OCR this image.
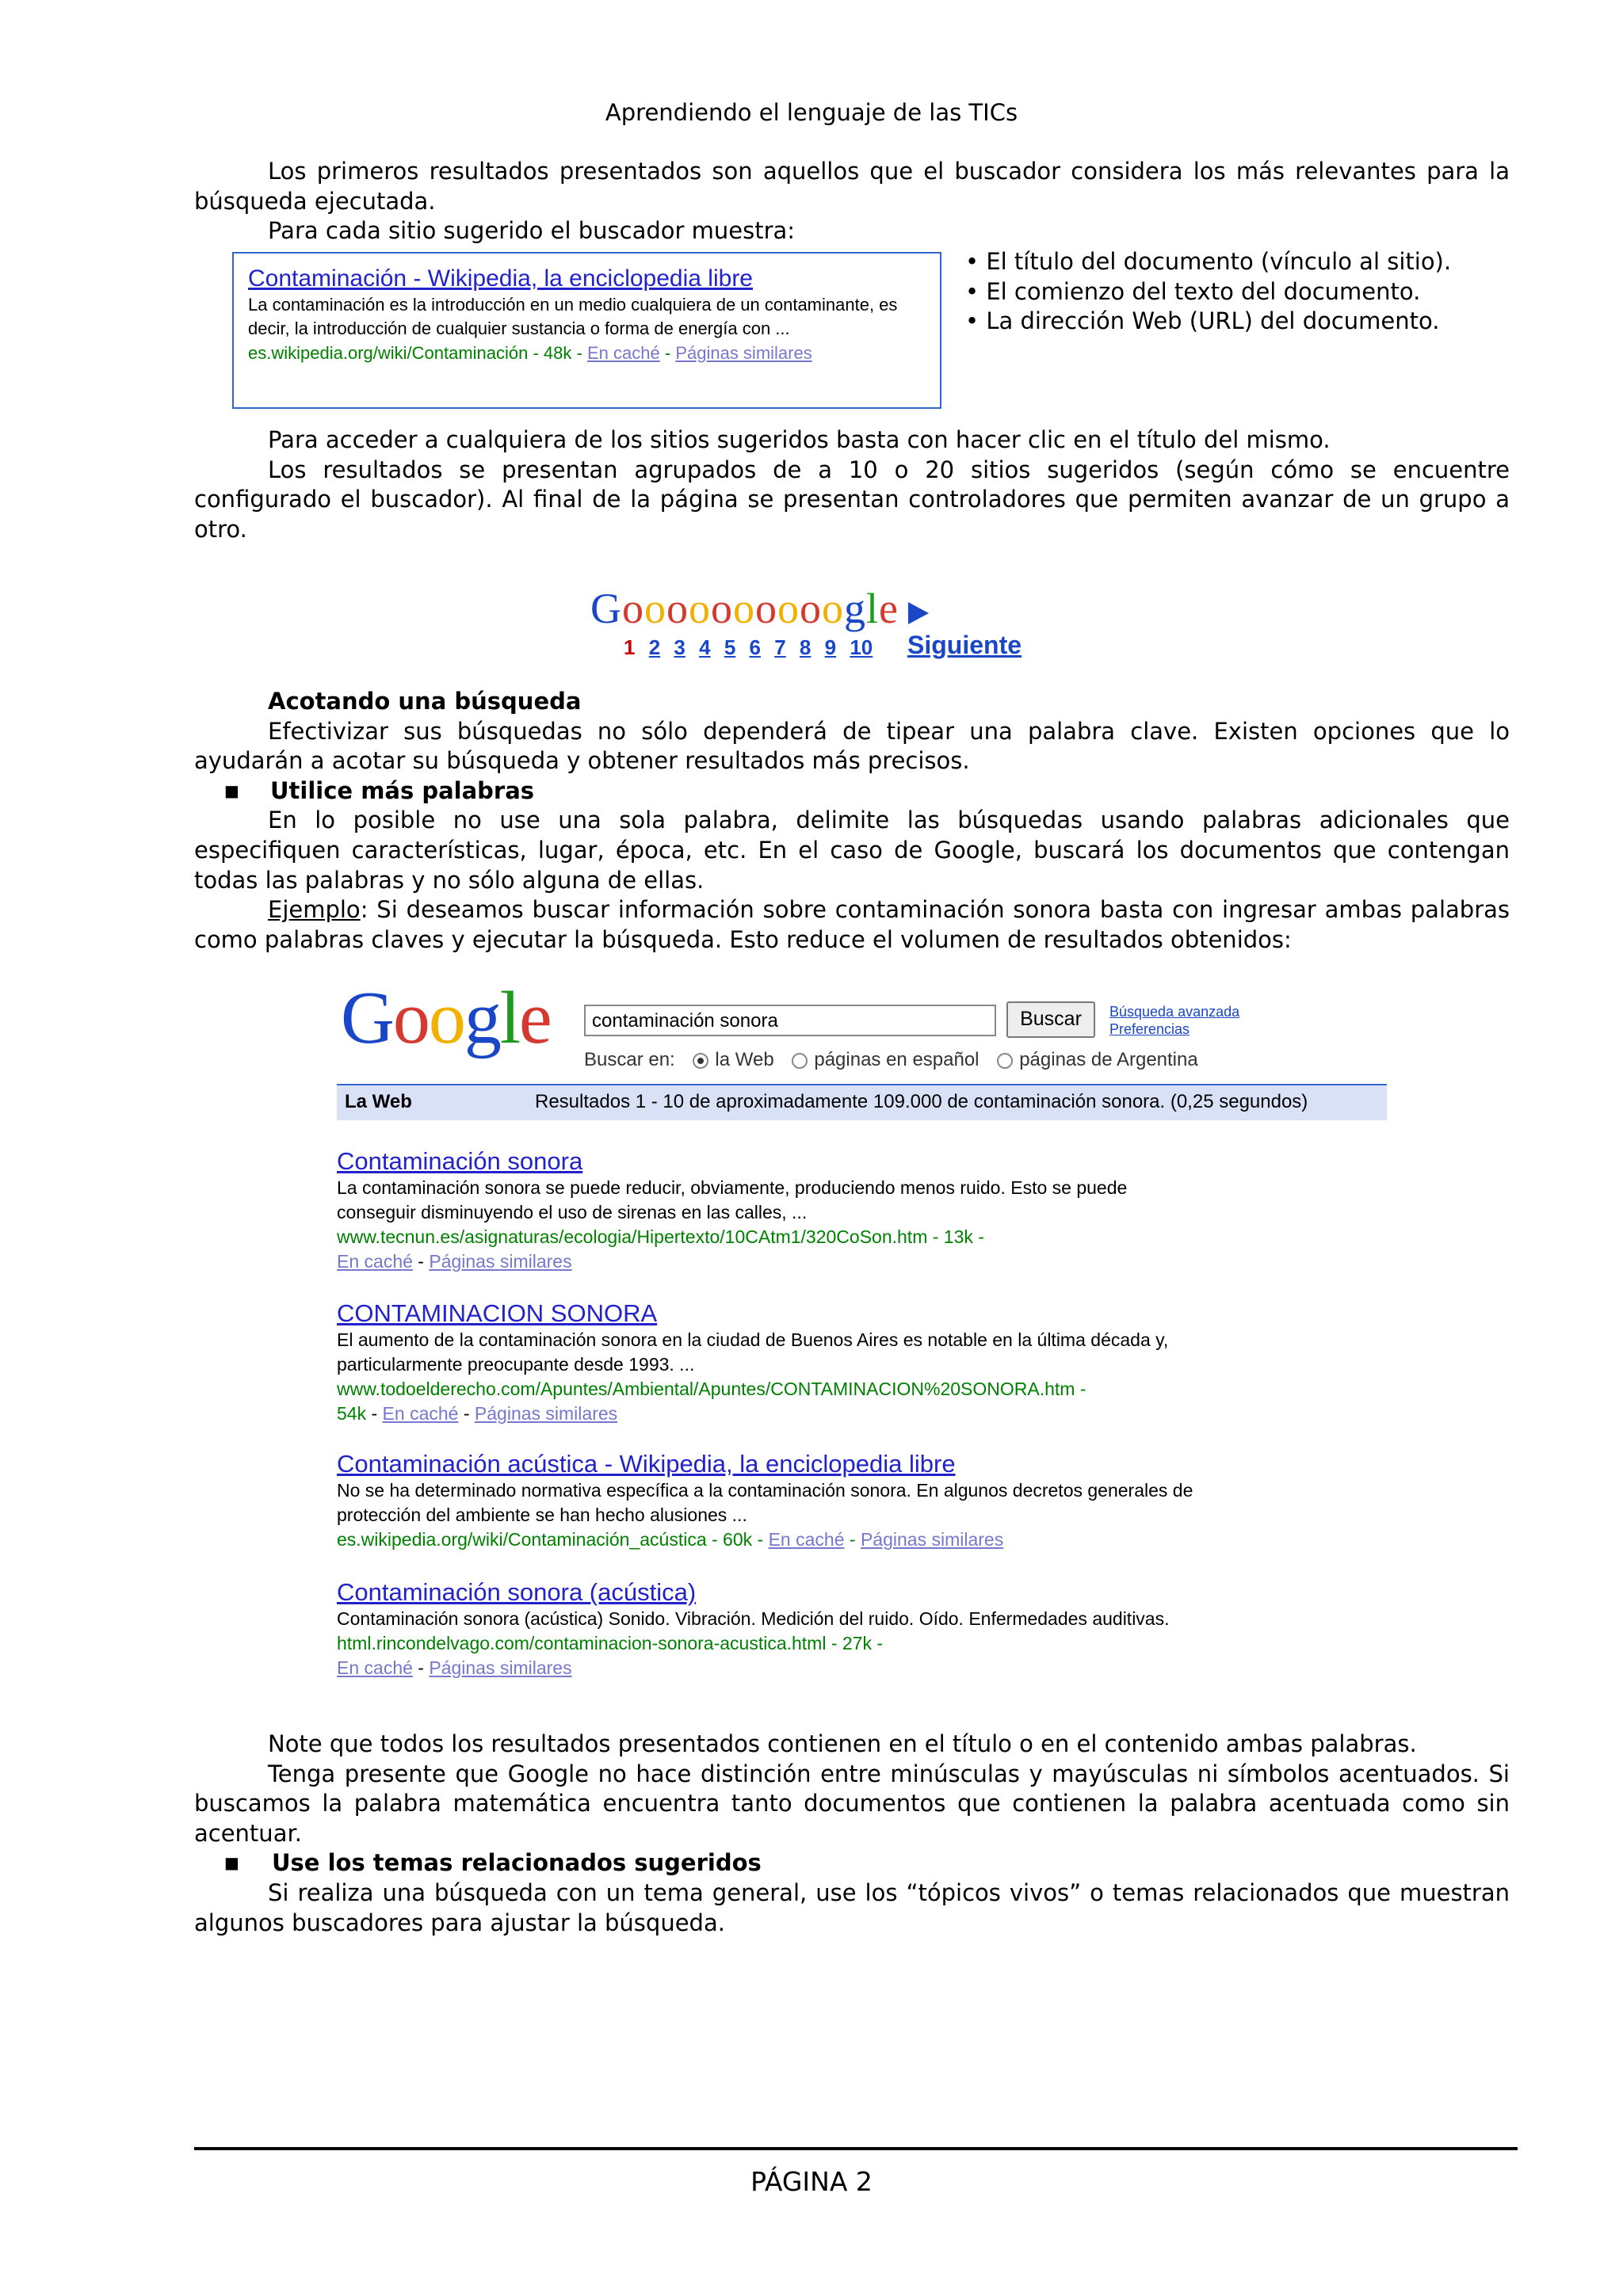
Aprendiendo el lenguaje de las TICs

Los primeros resultados presentados son aquellos que el buscador considera los más relevantes para la búsqueda ejecutada.

Para cada sitio sugerido el buscador muestra:

Contaminación - Wikipedia, la enciclopedia libre
La contaminación es la introducción en un medio cualquiera de un contaminante, es decir, la introducción de cualquier sustancia o forma de energía con ...
es.wikipedia.org/wiki/Contaminación - 48k - En caché - Páginas similares
• El título del documento (vínculo al sitio).
• El comienzo del texto del documento.
• La dirección Web (URL) del documento.

Para acceder a cualquiera de los sitios sugeridos basta con hacer clic en el título del mismo.

Los resultados se presentan agrupados de a 10 o 20 sitios sugeridos (según cómo se encuentre configurado el buscador). Al final de la página se presentan controladores que permiten avanzar de un grupo a otro.

Goooooooooogle
1 2 3 4 5 6 7 8 9 10	Siguiente

Acotando una búsqueda

Efectivizar sus búsquedas no sólo dependerá de tipear una palabra clave. Existen opciones que lo ayudarán a acotar su búsqueda y obtener resultados más precisos.

■ Utilice más palabras

En lo posible no use una sola palabra, delimite las búsquedas usando palabras adicionales que especifiquen características, lugar, época, etc. En el caso de Google, buscará los documentos que contengan todas las palabras y no sólo alguna de ellas.

Ejemplo: Si deseamos buscar información sobre contaminación sonora basta con ingresar ambas palabras como palabras claves y ejecutar la búsqueda. Esto reduce el volumen de resultados obtenidos:

Google	contaminación sonora	Buscar	Búsqueda avanzada
Preferencias
Buscar en: la Web páginas en español páginas de Argentina
La Web	Resultados 1 - 10 de aproximadamente 109.000 de contaminación sonora. (0,25 segundos)
Contaminación sonora
La contaminación sonora se puede reducir, obviamente, produciendo menos ruido. Esto se puede conseguir disminuyendo el uso de sirenas en las calles, ...
www.tecnun.es/asignaturas/ecologia/Hipertexto/10CAtm1/320CoSon.htm - 13k -
En caché - Páginas similares
CONTAMINACION SONORA
El aumento de la contaminación sonora en la ciudad de Buenos Aires es notable en la última década y, particularmente preocupante desde 1993. ...
www.todoelderecho.com/Apuntes/Ambiental/Apuntes/CONTAMINACION%20SONORA.htm -
54k - En caché - Páginas similares
Contaminación acústica - Wikipedia, la enciclopedia libre
No se ha determinado normativa específica a la contaminación sonora. En algunos decretos generales de protección del ambiente se han hecho alusiones ...
es.wikipedia.org/wiki/Contaminación_acústica - 60k - En caché - Páginas similares
Contaminación sonora (acústica)
Contaminación sonora (acústica) Sonido. Vibración. Medición del ruido. Oído. Enfermedades auditivas.
html.rincondelvago.com/contaminacion-sonora-acustica.html - 27k -
En caché - Páginas similares

Note que todos los resultados presentados contienen en el título o en el contenido ambas palabras.

Tenga presente que Google no hace distinción entre minúsculas y mayúsculas ni símbolos acentuados. Si buscamos la palabra matemática encuentra tanto documentos que contienen la palabra acentuada como sin acentuar.

■ Use los temas relacionados sugeridos

Si realiza una búsqueda con un tema general, use los “tópicos vivos” o temas relacionados que muestran algunos buscadores para ajustar la búsqueda.

PÁGINA 2
